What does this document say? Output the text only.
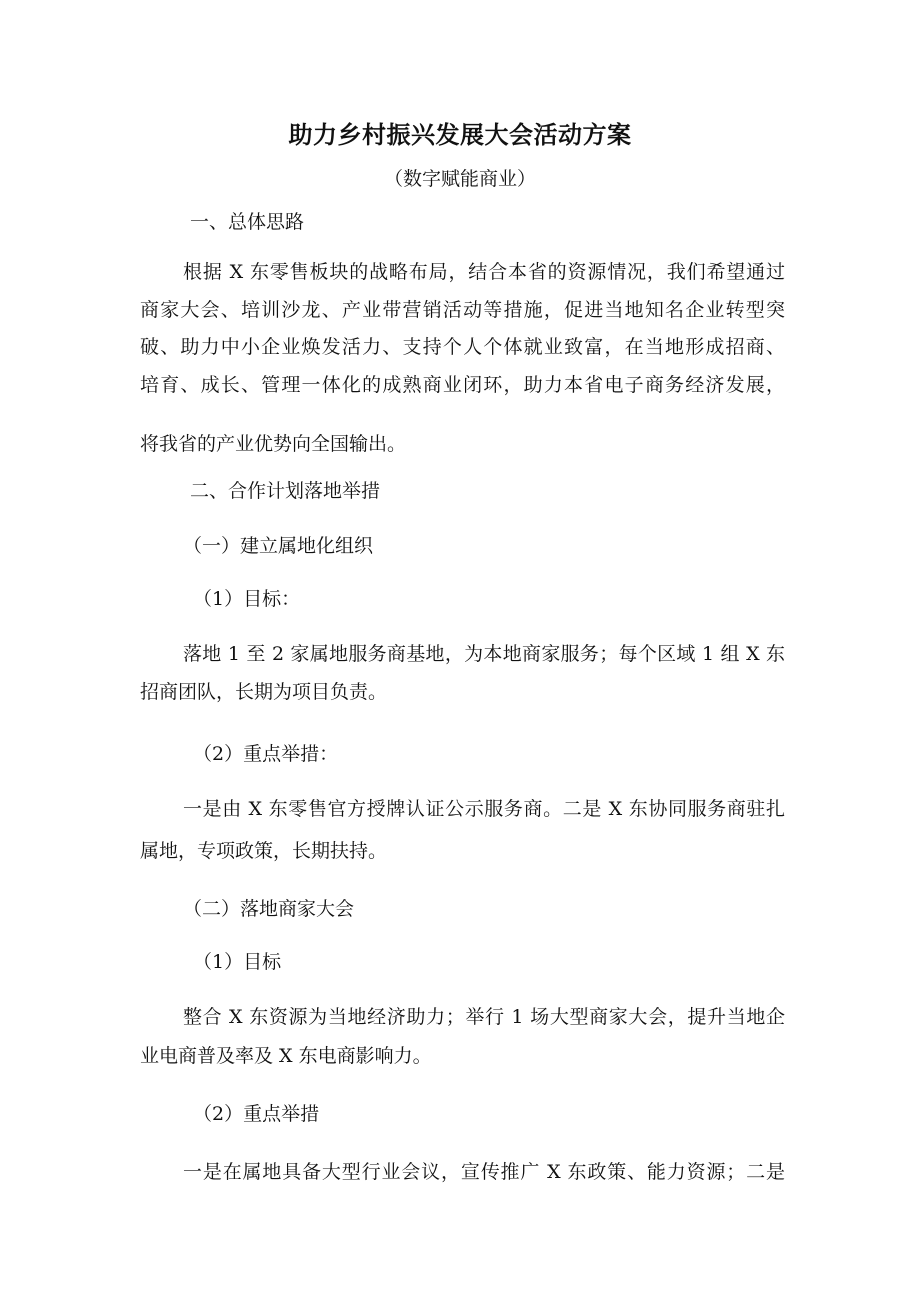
助力乡村振兴发展大会活动方案

（数字赋能商业）

一、总体思路

根据 X 东零售板块的战略布局，结合本省的资源情况，我们希望通过

商家大会、培训沙龙、产业带营销活动等措施，促进当地知名企业转型突

破、助力中小企业焕发活力、支持个人个体就业致富，在当地形成招商、

培育、成长、管理一体化的成熟商业闭环，助力本省电子商务经济发展，

将我省的产业优势向全国输出。

二、合作计划落地举措

（一）建立属地化组织

（1）目标：

落地 1 至 2 家属地服务商基地，为本地商家服务；每个区域 1 组 X 东

招商团队，长期为项目负责。

（2）重点举措：

一是由 X 东零售官方授牌认证公示服务商。二是 X 东协同服务商驻扎

属地，专项政策，长期扶持。

（二）落地商家大会

（1）目标

整合 X 东资源为当地经济助力；举行 1 场大型商家大会，提升当地企

业电商普及率及 X 东电商影响力。

（2）重点举措

一是在属地具备大型行业会议，宣传推广 X 东政策、能力资源；二是
